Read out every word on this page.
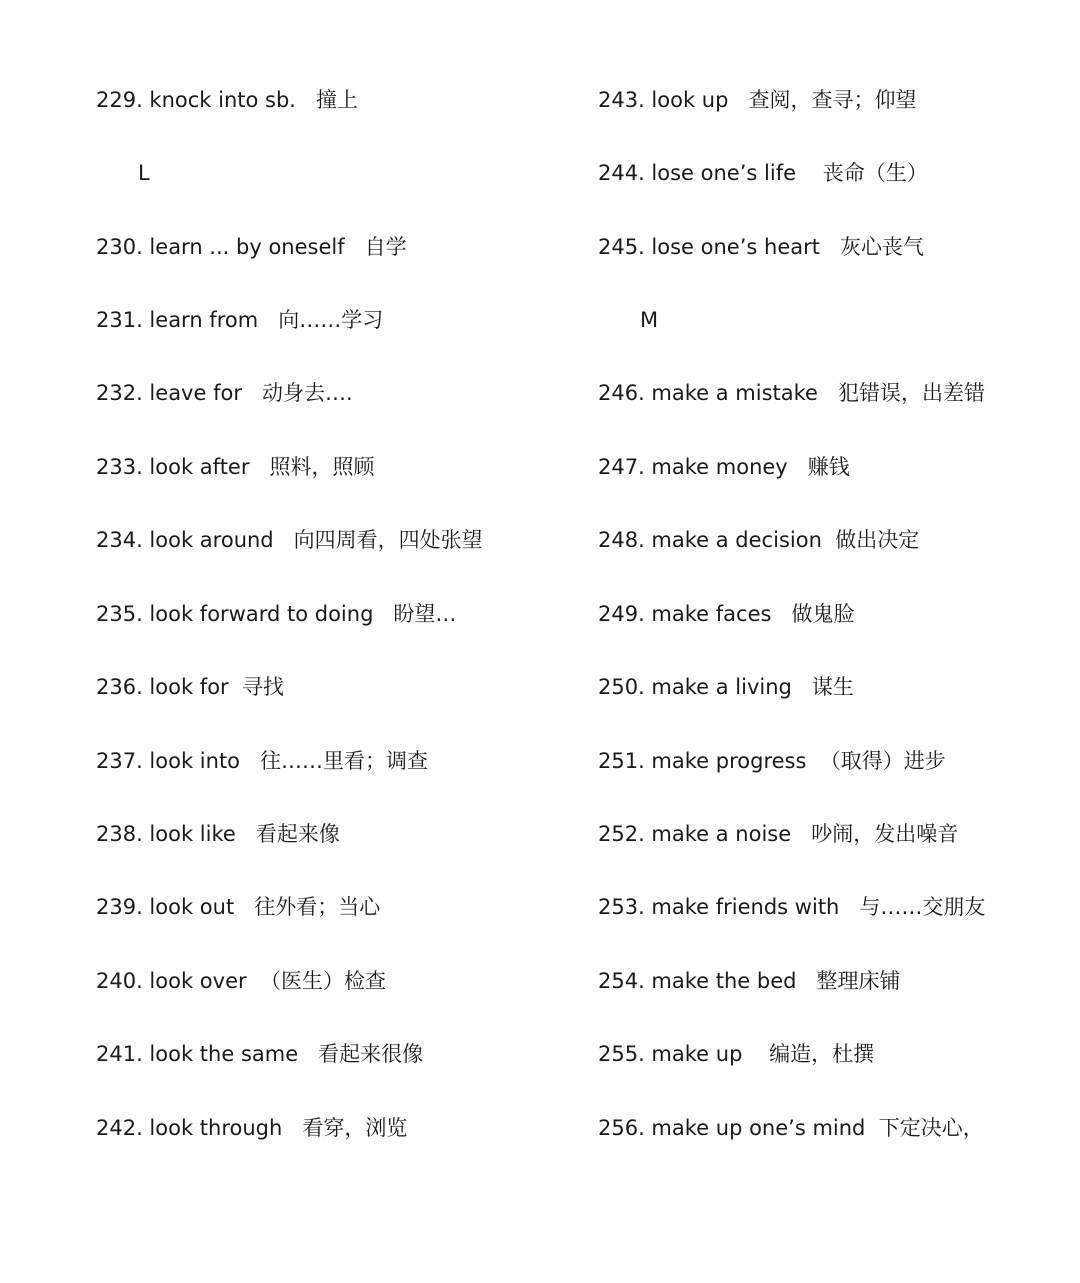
229. knock into sb.   撞上
L
230. learn ... by oneself   自学
231. learn from   向……学习
232. leave for   动身去….
233. look after   照料，照顾
234. look around   向四周看，四处张望
235. look forward to doing   盼望…
236. look for  寻找
237. look into   往……里看；调查
238. look like   看起来像
239. look out   往外看；当心
240. look over  （医生）检查
241. look the same   看起来很像
242. look through   看穿，浏览
243. look up   查阅，查寻；仰望
244. lose one’s life    丧命（生）
245. lose one’s heart   灰心丧气
M
246. make a mistake   犯错误，出差错
247. make money   赚钱
248. make a decision  做出决定
249. make faces   做鬼脸
250. make a living   谋生
251. make progress  （取得）进步
252. make a noise   吵闹，发出噪音
253. make friends with   与……交朋友
254. make the bed   整理床铺
255. make up    编造，杜撰
256. make up one’s mind  下定决心，
